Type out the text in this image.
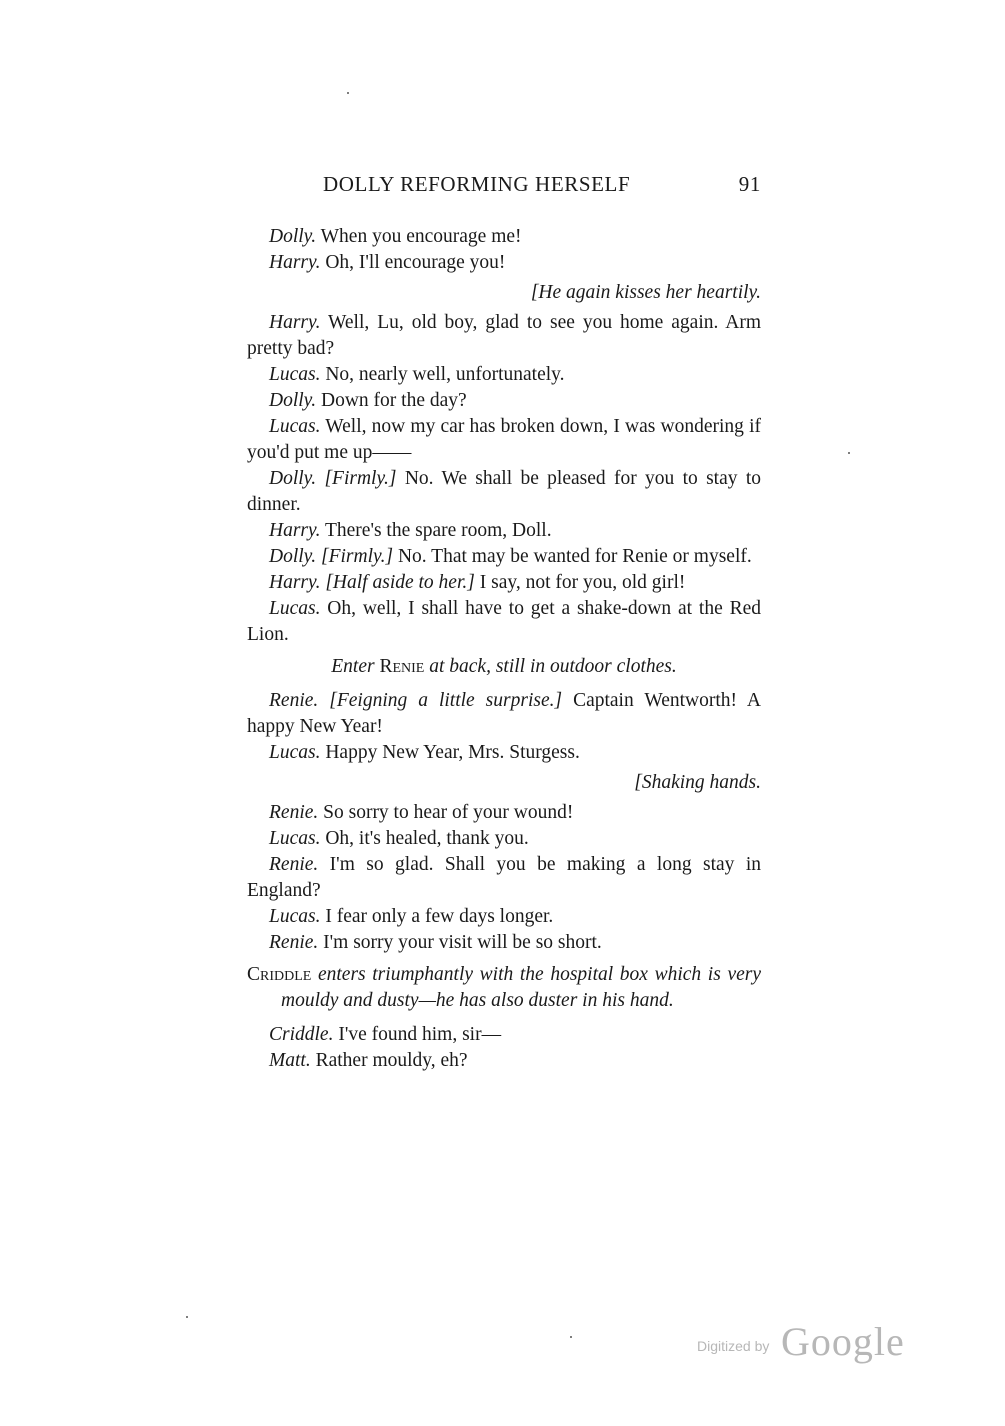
DOLLY REFORMING HERSELF	91

Dolly. When you encourage me!

Harry. Oh, I'll encourage you!

[He again kisses her heartily.

Harry. Well, Lu, old boy, glad to see you home again. Arm pretty bad?

Lucas. No, nearly well, unfortunately.

Dolly. Down for the day?

Lucas. Well, now my car has broken down, I was wondering if you'd put me up——

Dolly. [Firmly.] No. We shall be pleased for you to stay to dinner.

Harry. There's the spare room, Doll.

Dolly. [Firmly.] No. That may be wanted for Renie or myself.

Harry. [Half aside to her.] I say, not for you, old girl!

Lucas. Oh, well, I shall have to get a shake-down at the Red Lion.

Enter Renie at back, still in outdoor clothes.

Renie. [Feigning a little surprise.] Captain Wentworth! A happy New Year!

Lucas. Happy New Year, Mrs. Sturgess.

[Shaking hands.

Renie. So sorry to hear of your wound!

Lucas. Oh, it's healed, thank you.

Renie. I'm so glad. Shall you be making a long stay in England?

Lucas. I fear only a few days longer.

Renie. I'm sorry your visit will be so short.

Criddle enters triumphantly with the hospital box which is very mouldy and dusty—he has also duster in his hand.

Criddle. I've found him, sir—

Matt. Rather mouldy, eh?

Digitized by Google
